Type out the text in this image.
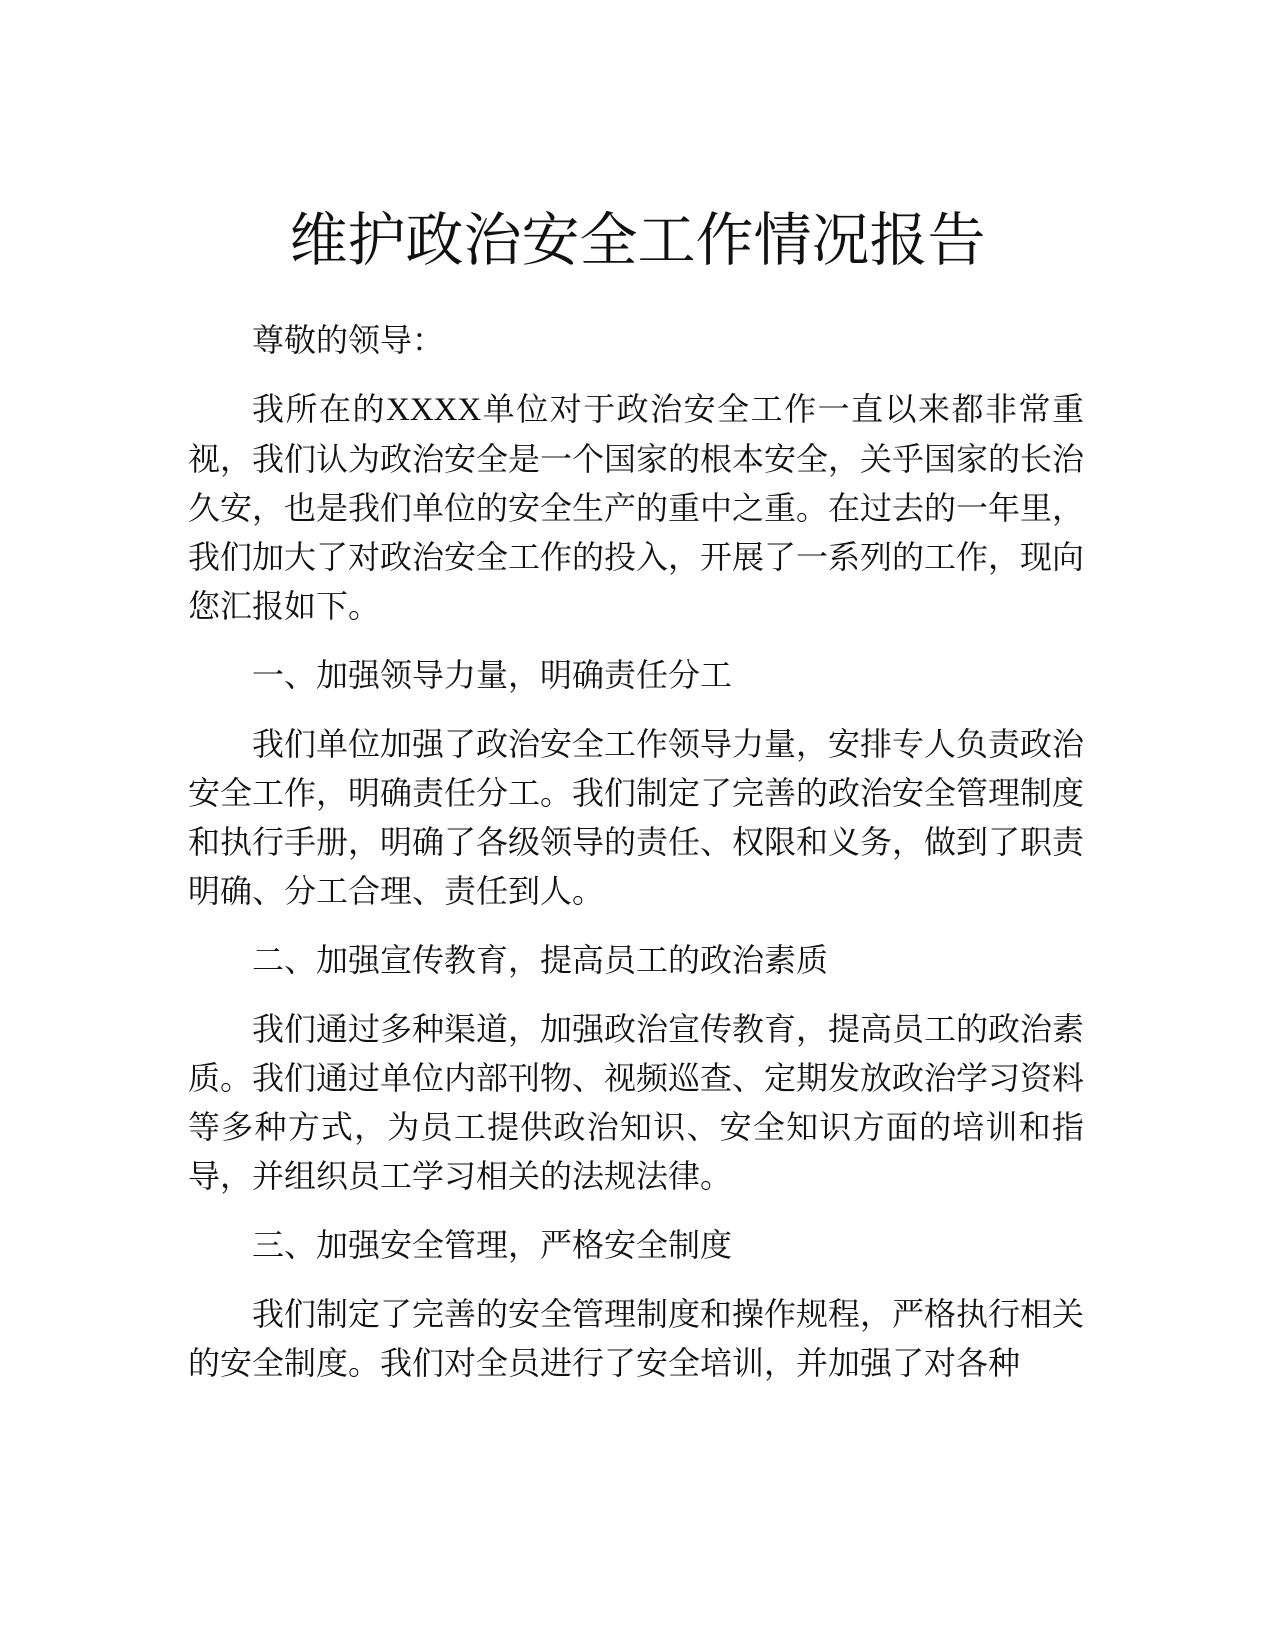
维护政治安全工作情况报告

尊敬的领导：

我所在的XXXX单位对于政治安全工作一直以来都非常重视，我们认为政治安全是一个国家的根本安全，关乎国家的长治久安，也是我们单位的安全生产的重中之重。在过去的一年里，我们加大了对政治安全工作的投入，开展了一系列的工作，现向您汇报如下。

一、加强领导力量，明确责任分工

我们单位加强了政治安全工作领导力量，安排专人负责政治安全工作，明确责任分工。我们制定了完善的政治安全管理制度和执行手册，明确了各级领导的责任、权限和义务，做到了职责明确、分工合理、责任到人。

二、加强宣传教育，提高员工的政治素质

我们通过多种渠道，加强政治宣传教育，提高员工的政治素质。我们通过单位内部刊物、视频巡查、定期发放政治学习资料等多种方式，为员工提供政治知识、安全知识方面的培训和指导，并组织员工学习相关的法规法律。

三、加强安全管理，严格安全制度

我们制定了完善的安全管理制度和操作规程，严格执行相关的安全制度。我们对全员进行了安全培训，并加强了对各种
